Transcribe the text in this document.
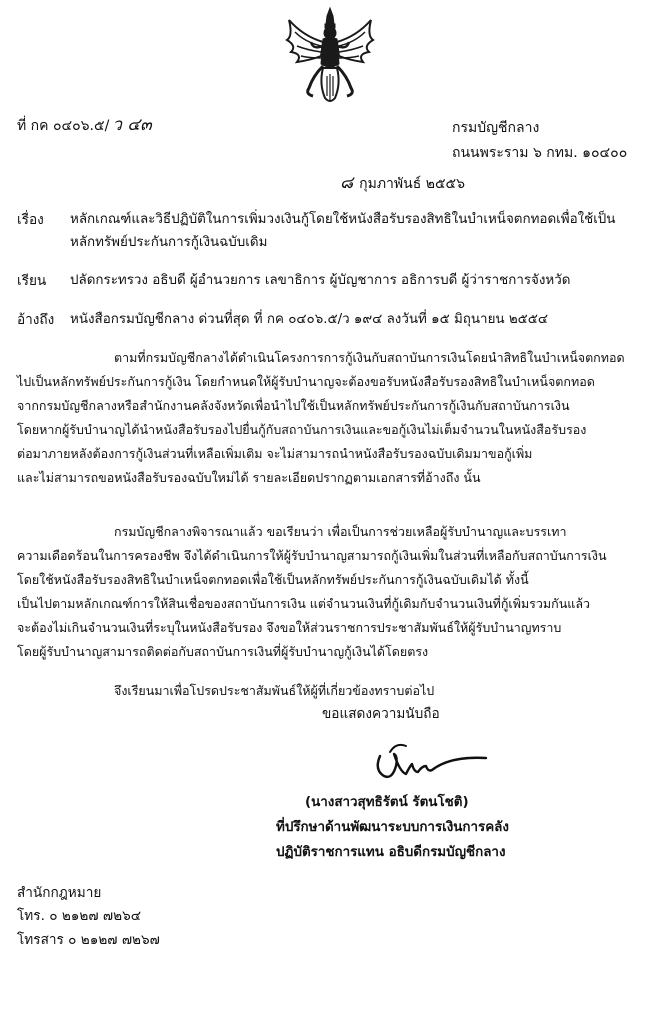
ที่ กค ๐๔๐๖.๕/ ว ๔๓	กรมบัญชีกลาง
ถนนพระราม ๖ กทม. ๑๐๔๐๐
๘ กุมภาพันธ์ ๒๕๕๖
เรื่อง หลักเกณฑ์และวิธีปฏิบัติในการเพิ่มวงเงินกู้โดยใช้หนังสือรับรองสิทธิในบำเหน็จตกทอดเพื่อใช้เป็น
หลักทรัพย์ประกันการกู้เงินฉบับเดิม
เรียน ปลัดกระทรวง อธิบดี ผู้อำนวยการ เลขาธิการ ผู้บัญชาการ อธิการบดี ผู้ว่าราชการจังหวัด
อ้างถึง หนังสือกรมบัญชีกลาง ด่วนที่สุด ที่ กค ๐๔๐๖.๕/ว ๑๙๔ ลงวันที่ ๑๕ มิถุนายน ๒๕๕๔
ตามที่กรมบัญชีกลางได้ดำเนินโครงการการกู้เงินกับสถาบันการเงินโดยนำสิทธิในบำเหน็จตกทอด
ไปเป็นหลักทรัพย์ประกันการกู้เงิน โดยกำหนดให้ผู้รับบำนาญจะต้องขอรับหนังสือรับรองสิทธิในบำเหน็จตกทอด
จากกรมบัญชีกลางหรือสำนักงานคลังจังหวัดเพื่อนำไปใช้เป็นหลักทรัพย์ประกันการกู้เงินกับสถาบันการเงิน
โดยหากผู้รับบำนาญได้นำหนังสือรับรองไปยื่นกู้กับสถาบันการเงินและขอกู้เงินไม่เต็มจำนวนในหนังสือรับรอง
ต่อมาภายหลังต้องการกู้เงินส่วนที่เหลือเพิ่มเติม จะไม่สามารถนำหนังสือรับรองฉบับเดิมมาขอกู้เพิ่ม
และไม่สามารถขอหนังสือรับรองฉบับใหม่ได้ รายละเอียดปรากฏตามเอกสารที่อ้างถึง นั้น
กรมบัญชีกลางพิจารณาแล้ว ขอเรียนว่า เพื่อเป็นการช่วยเหลือผู้รับบำนาญและบรรเทา
ความเดือดร้อนในการครองชีพ จึงได้ดำเนินการให้ผู้รับบำนาญสามารถกู้เงินเพิ่มในส่วนที่เหลือกับสถาบันการเงิน
โดยใช้หนังสือรับรองสิทธิในบำเหน็จตกทอดเพื่อใช้เป็นหลักทรัพย์ประกันการกู้เงินฉบับเดิมได้ ทั้งนี้
เป็นไปตามหลักเกณฑ์การให้สินเชื่อของสถาบันการเงิน แต่จำนวนเงินที่กู้เดิมกับจำนวนเงินที่กู้เพิ่มรวมกันแล้ว
จะต้องไม่เกินจำนวนเงินที่ระบุในหนังสือรับรอง จึงขอให้ส่วนราชการประชาสัมพันธ์ให้ผู้รับบำนาญทราบ
โดยผู้รับบำนาญสามารถติดต่อกับสถาบันการเงินที่ผู้รับบำนาญกู้เงินได้โดยตรง
จึงเรียนมาเพื่อโปรดประชาสัมพันธ์ให้ผู้ที่เกี่ยวข้องทราบต่อไป
ขอแสดงความนับถือ
(นางสาวสุทธิรัตน์ รัตนโชติ)
ที่ปรึกษาด้านพัฒนาระบบการเงินการคลัง
ปฏิบัติราชการแทน อธิบดีกรมบัญชีกลาง
สำนักกฎหมาย
โทร. ๐ ๒๑๒๗ ๗๒๖๔
โทรสาร ๐ ๒๑๒๗ ๗๒๖๗
